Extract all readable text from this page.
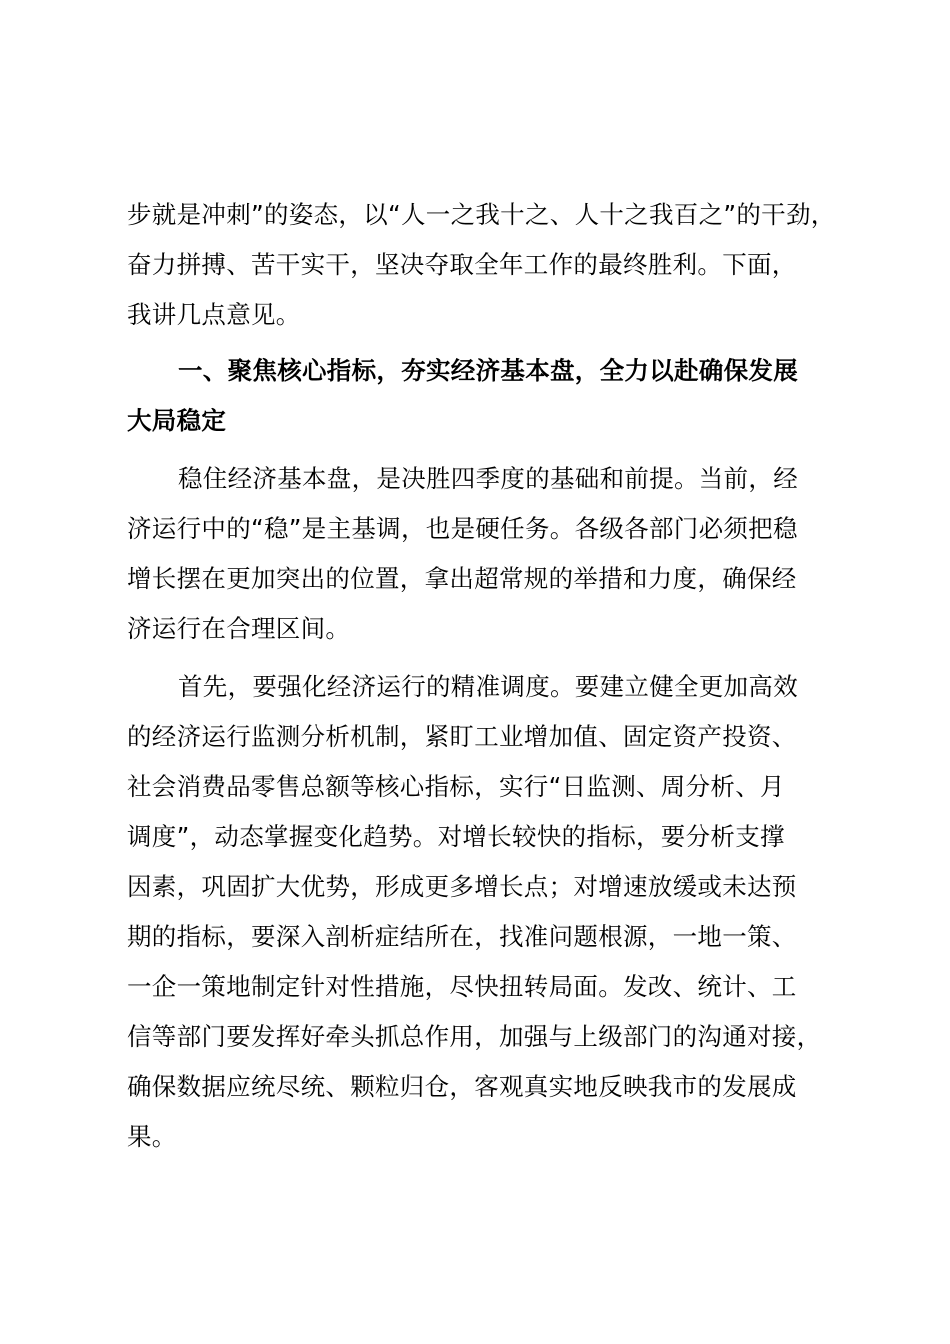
步就是冲刺”的姿态，以“人一之我十之、人十之我百之”的干劲，
奋力拼搏、苦干实干，坚决夺取全年工作的最终胜利。下面，
我讲几点意见。
一、聚焦核心指标，夯实经济基本盘，全力以赴确保发展
大局稳定
稳住经济基本盘，是决胜四季度的基础和前提。当前，经
济运行中的“稳”是主基调，也是硬任务。各级各部门必须把稳
增长摆在更加突出的位置，拿出超常规的举措和力度，确保经
济运行在合理区间。
首先，要强化经济运行的精准调度。要建立健全更加高效
的经济运行监测分析机制，紧盯工业增加值、固定资产投资、
社会消费品零售总额等核心指标，实行“日监测、周分析、月
调度”，动态掌握变化趋势。对增长较快的指标，要分析支撑
因素，巩固扩大优势，形成更多增长点；对增速放缓或未达预
期的指标，要深入剖析症结所在，找准问题根源，一地一策、
一企一策地制定针对性措施，尽快扭转局面。发改、统计、工
信等部门要发挥好牵头抓总作用，加强与上级部门的沟通对接，
确保数据应统尽统、颗粒归仓，客观真实地反映我市的发展成
果。
